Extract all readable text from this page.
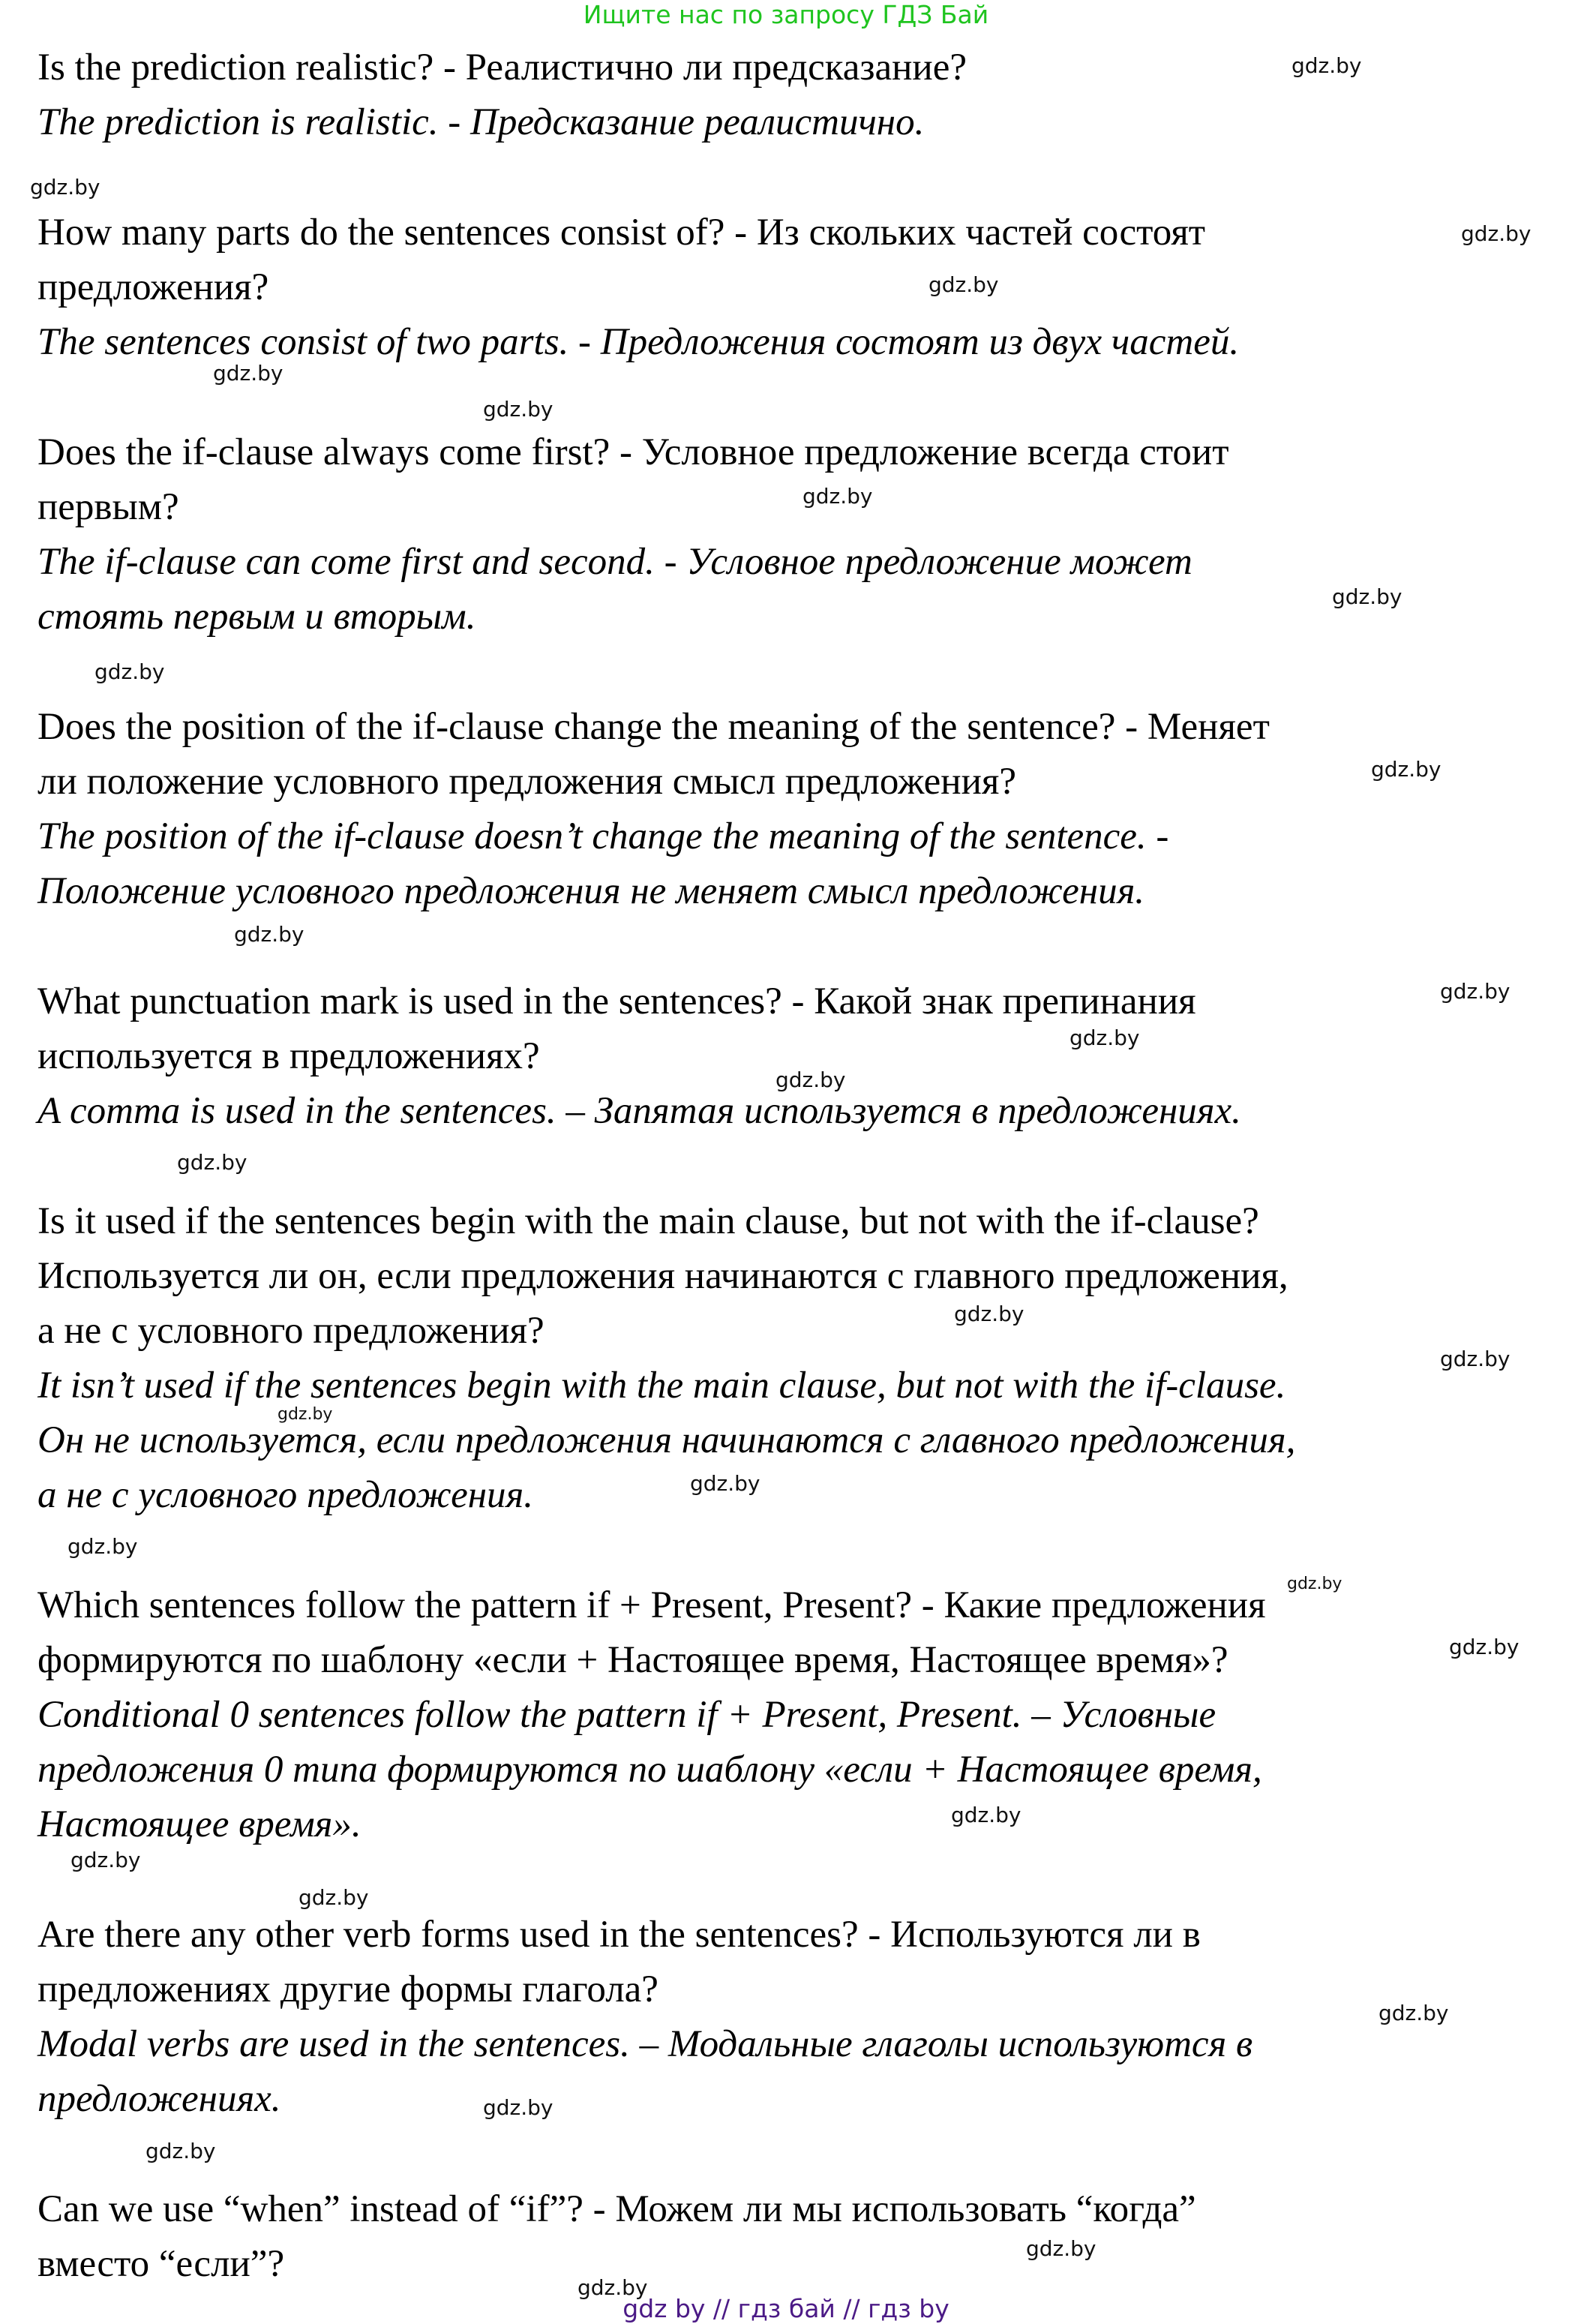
Ищите нас по запросу ГДЗ Бай
Is the prediction realistic? - Реалистично ли предсказание?
The prediction is realistic. - Предсказание реалистично.
How many parts do the sentences consist of? - Из скольких частей состоят
предложения?
The sentences consist of two parts. - Предложения состоят из двух частей.
Does the if-clause always come first? - Условное предложение всегда стоит
первым?
The if-clause can come first and second. - Условное предложение может
стоять первым и вторым.
Does the position of the if-clause change the meaning of the sentence? - Меняет
ли положение условного предложения смысл предложения?
The position of the if-clause doesn’t change the meaning of the sentence. -
Положение условного предложения не меняет смысл предложения.
What punctuation mark is used in the sentences? - Какой знак препинания
используется в предложениях?
A comma is used in the sentences. – Запятая используется в предложениях.
Is it used if the sentences begin with the main clause, but not with the if-clause?
Используется ли он, если предложения начинаются с главного предложения,
а не с условного предложения?
It isn’t used if the sentences begin with the main clause, but not with the if-clause.
Он не используется, если предложения начинаются с главного предложения,
а не с условного предложения.
Which sentences follow the pattern if + Present, Present? - Какие предложения
формируются по шаблону «если + Настоящее время, Настоящее время»?
Conditional 0 sentences follow the pattern if + Present, Present. – Условные
предложения 0 типа формируются по шаблону «если + Настоящее время,
Настоящее время».
Are there any other verb forms used in the sentences? - Используются ли в
предложениях другие формы глагола?
Modal verbs are used in the sentences. – Модальные глаголы используются в
предложениях.
Can we use “when” instead of “if”? - Можем ли мы использовать “когда”
вместо “если”?
gdz.by
gdz.by
gdz.by
gdz.by
gdz.by
gdz.by
gdz.by
gdz.by
gdz.by
gdz.by
gdz.by
gdz.by
gdz.by
gdz.by
gdz.by
gdz.by
gdz.by
gdz.by
gdz.by
gdz.by
gdz.by
gdz.by
gdz.by
gdz.by
gdz.by
gdz.by
gdz.by
gdz.by
gdz.by
gdz.by
gdz by // гдз бай // гдз by
